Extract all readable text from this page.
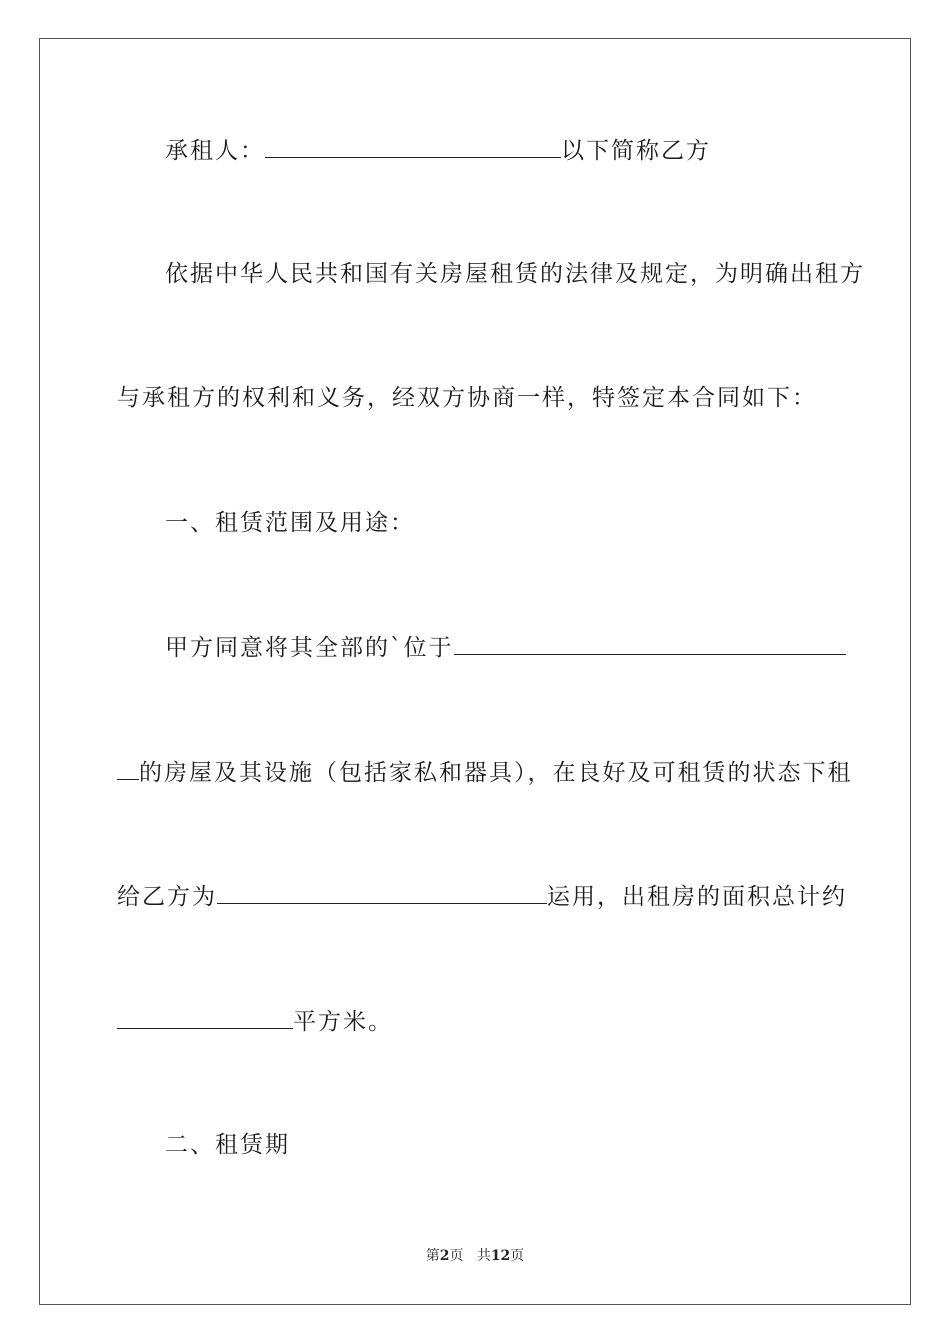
承租人：	以下简称乙方
依据中华人民共和国有关房屋租赁的法律及规定，为明确出租方
与承租方的权利和义务，经双方协商一样，特签定本合同如下：
一、租赁范围及用途：
甲方同意将其全部的`位于
的房屋及其设施（包括家私和器具），在良好及可租赁的状态下租
给乙方为	运用，出租房的面积总计约
平方米。
二、租赁期
第2页 共12页
